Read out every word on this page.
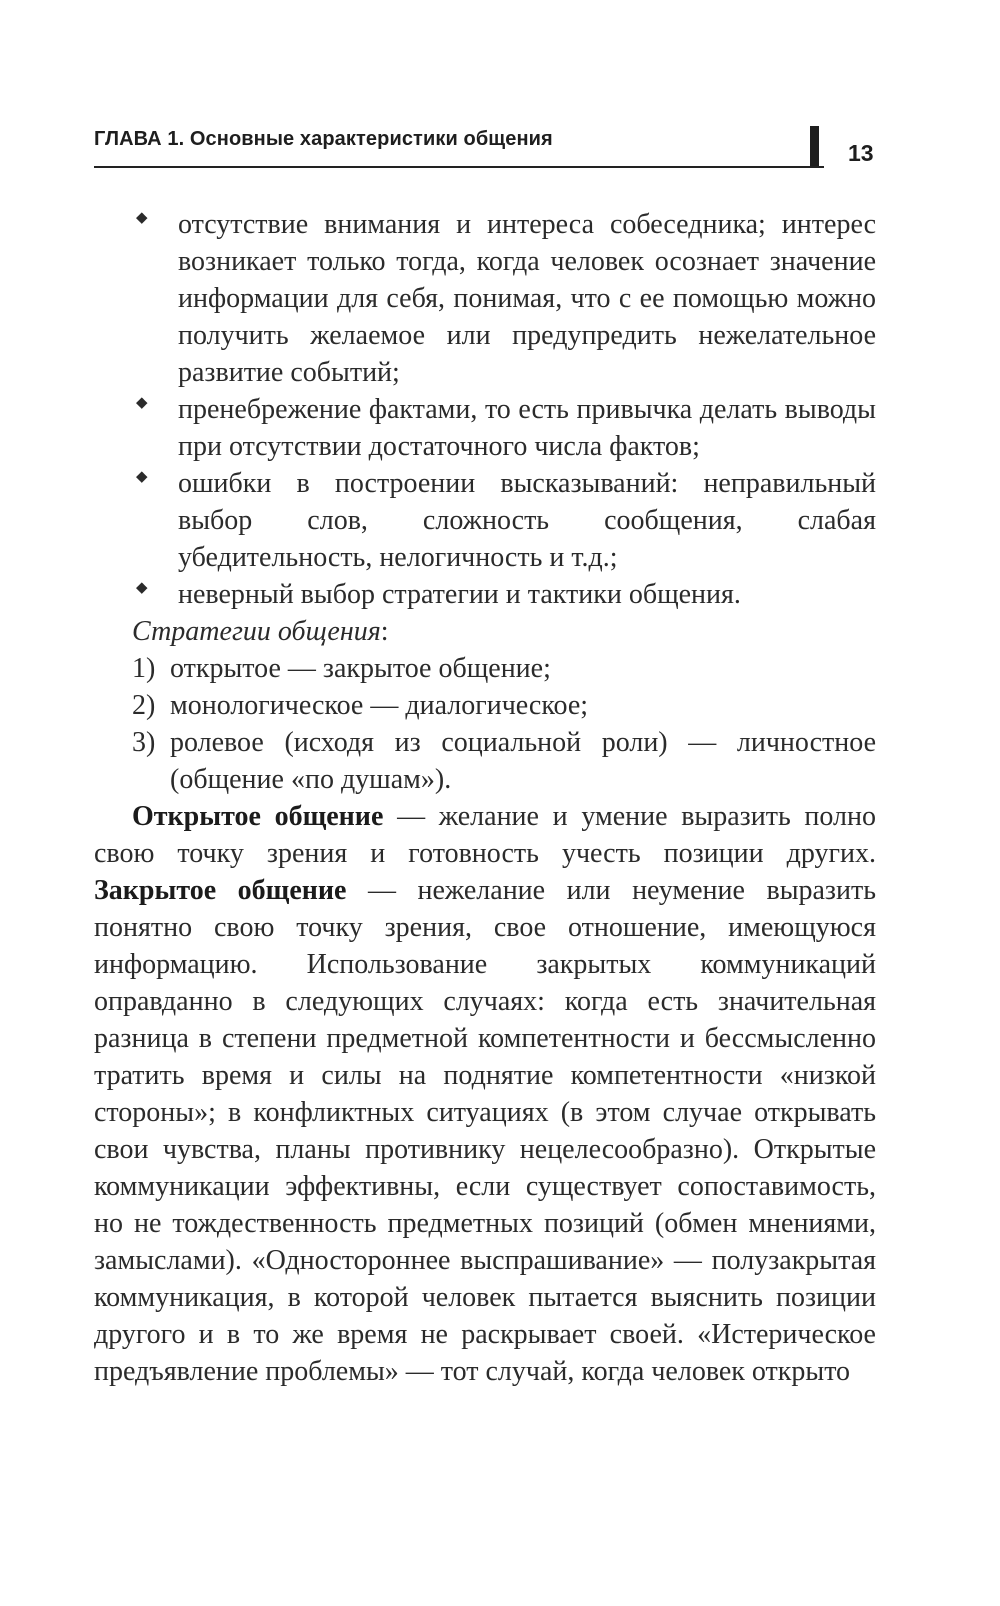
ГЛАВА 1. Основные характеристики общения
13
◆	отсутствие внимания и интереса собеседника; интерес возникает только тогда, когда человек осознает значение информации для себя, понимая, что с ее помощью можно получить желаемое или предупредить нежелательное развитие событий;
◆	пренебрежение фактами, то есть привычка делать выводы при отсутствии достаточного числа фактов;
◆	ошибки в построении высказываний: неправильный выбор слов, сложность сообщения, слабая убедительность, нелогичность и т.д.;
◆	неверный выбор стратегии и тактики общения.

Стратегии общения:

1) открытое — закрытое общение;
2) монологическое — диалогическое;
3) ролевое (исходя из социальной роли) — личностное (общение «по душам»).

Открытое общение — желание и умение выразить полно свою точку зрения и готовность учесть позиции других. Закрытое общение — нежелание или неумение выразить понятно свою точку зрения, свое отношение, имеющуюся информацию. Использование закрытых коммуникаций оправданно в следующих случаях: когда есть значительная разница в степени предметной компетентности и бессмысленно тратить время и силы на поднятие компетентности «низкой стороны»; в конфликтных ситуациях (в этом случае открывать свои чувства, планы противнику нецелесообразно). Открытые коммуникации эффективны, если существует сопоставимость, но не тождественность предметных позиций (обмен мнениями, замыслами). «Одностороннее выспрашивание» — полузакрытая коммуникация, в которой человек пытается выяснить позиции другого и в то же время не раскрывает своей. «Истерическое предъявление проблемы» — тот случай, когда человек открыто
